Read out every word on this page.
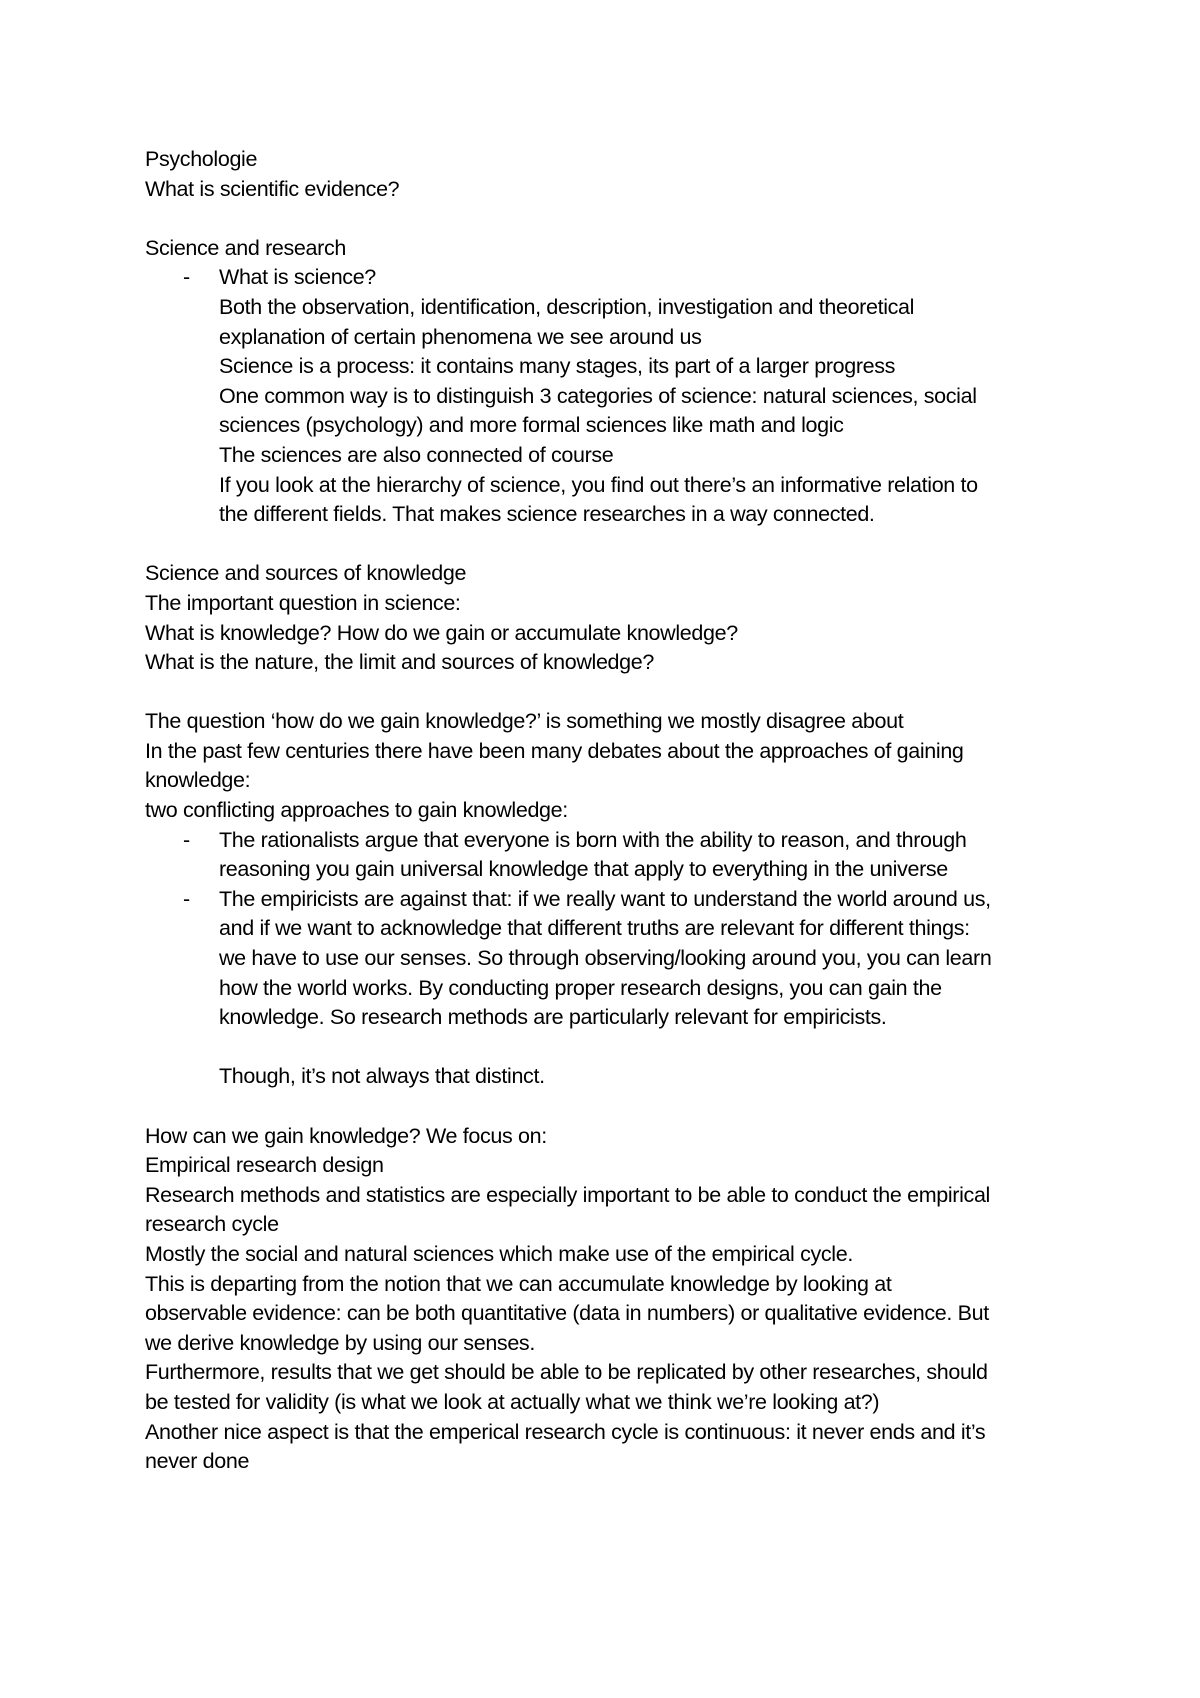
Psychologie
What is scientific evidence?
Science and research
- What is science?
Both the observation, identification, description, investigation and theoretical
explanation of certain phenomena we see around us
Science is a process: it contains many stages, its part of a larger progress
One common way is to distinguish 3 categories of science: natural sciences, social
sciences (psychology) and more formal sciences like math and logic
The sciences are also connected of course
If you look at the hierarchy of science, you find out there’s an informative relation to
the different fields. That makes science researches in a way connected.
Science and sources of knowledge
The important question in science:
What is knowledge? How do we gain or accumulate knowledge?
What is the nature, the limit and sources of knowledge?
The question ‘how do we gain knowledge?’ is something we mostly disagree about
In the past few centuries there have been many debates about the approaches of gaining
knowledge:
two conflicting approaches to gain knowledge:
- The rationalists argue that everyone is born with the ability to reason, and through
reasoning you gain universal knowledge that apply to everything in the universe
- The empiricists are against that: if we really want to understand the world around us,
and if we want to acknowledge that different truths are relevant for different things:
we have to use our senses. So through observing/looking around you, you can learn
how the world works. By conducting proper research designs, you can gain the
knowledge. So research methods are particularly relevant for empiricists.
Though, it’s not always that distinct.
How can we gain knowledge? We focus on:
Empirical research design
Research methods and statistics are especially important to be able to conduct the empirical
research cycle
Mostly the social and natural sciences which make use of the empirical cycle.
This is departing from the notion that we can accumulate knowledge by looking at
observable evidence: can be both quantitative (data in numbers) or qualitative evidence. But
we derive knowledge by using our senses.
Furthermore, results that we get should be able to be replicated by other researches, should
be tested for validity (is what we look at actually what we think we’re looking at?)
Another nice aspect is that the emperical research cycle is continuous: it never ends and it’s
never done
